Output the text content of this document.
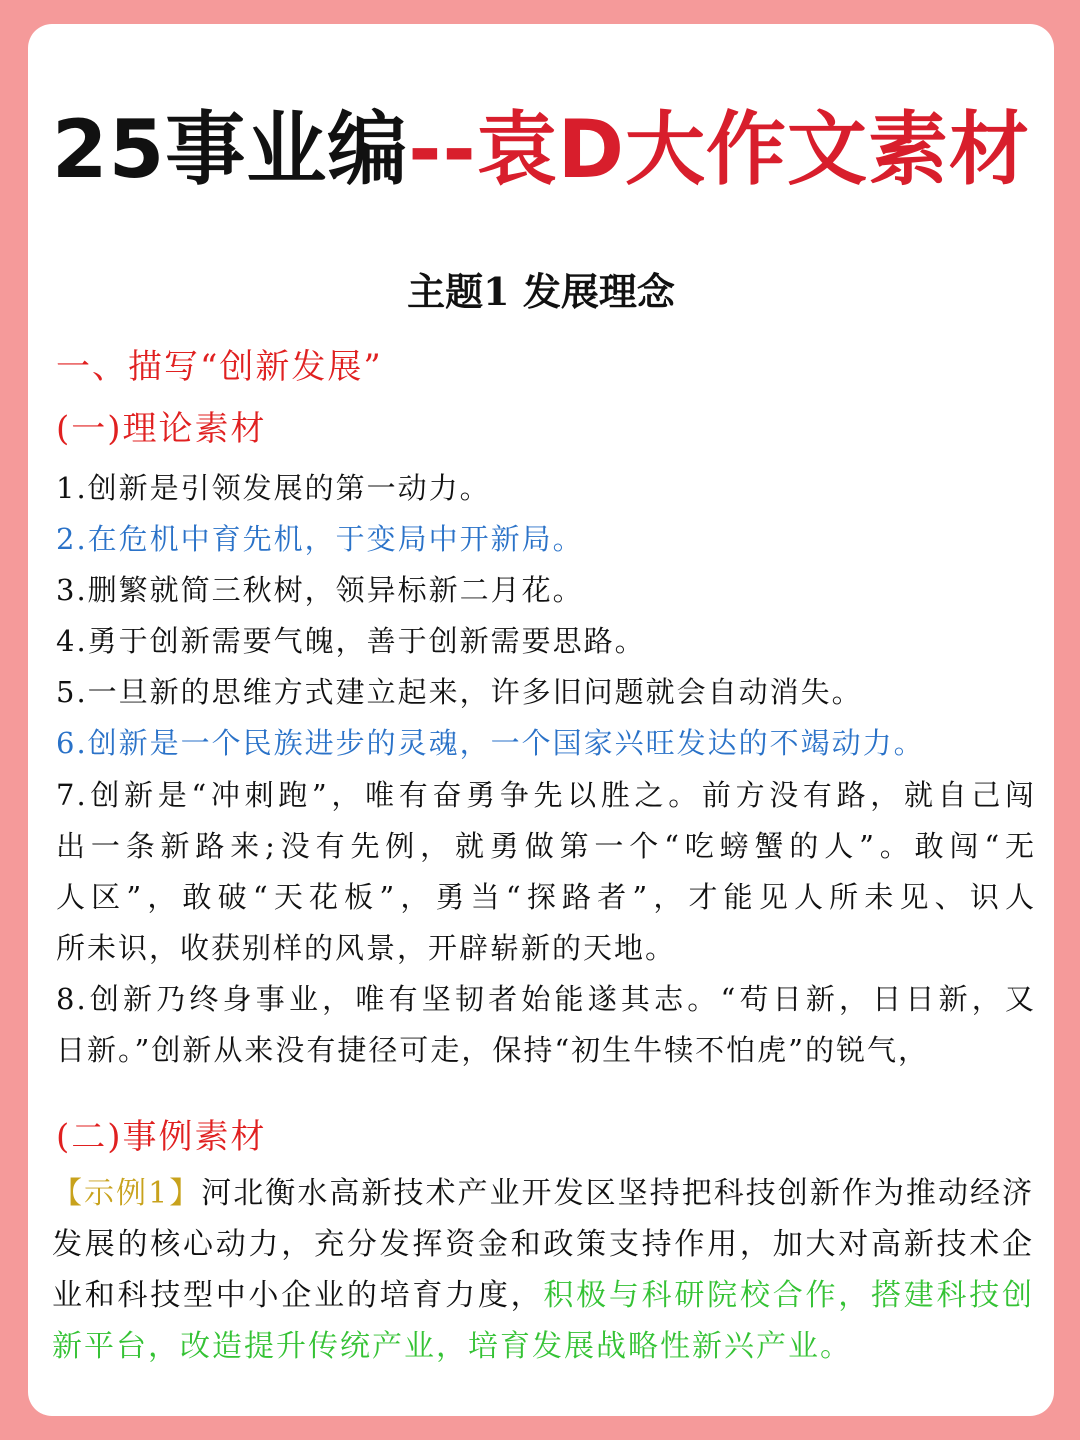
25事业编--袁D大作文素材
主题1 发展理念
一、描写“创新发展”
(一)理论素材
1.创新是引领发展的第一动力。
2.在危机中育先机，于变局中开新局。
3.删繁就简三秋树，领异标新二月花。
4.勇于创新需要气魄，善于创新需要思路。
5.一旦新的思维方式建立起来，许多旧问题就会自动消失。
6.创新是一个民族进步的灵魂，一个国家兴旺发达的不竭动力。
7.创新是“冲刺跑”，唯有奋勇争先以胜之。前方没有路，就自己闯
出一条新路来;没有先例，就勇做第一个“吃螃蟹的人”。敢闯“无
人区”，敢破“天花板”，勇当“探路者”，才能见人所未见、识人
所未识，收获别样的风景，开辟崭新的天地。
8.创新乃终身事业，唯有坚韧者始能遂其志。“苟日新，日日新，又
日新。”创新从来没有捷径可走，保持“初生牛犊不怕虎”的锐气，
(二)事例素材
【示例1】河北衡水高新技术产业开发区坚持把科技创新作为推动经济
发展的核心动力，充分发挥资金和政策支持作用，加大对高新技术企
业和科技型中小企业的培育力度，积极与科研院校合作，搭建科技创
新平台，改造提升传统产业，培育发展战略性新兴产业。
